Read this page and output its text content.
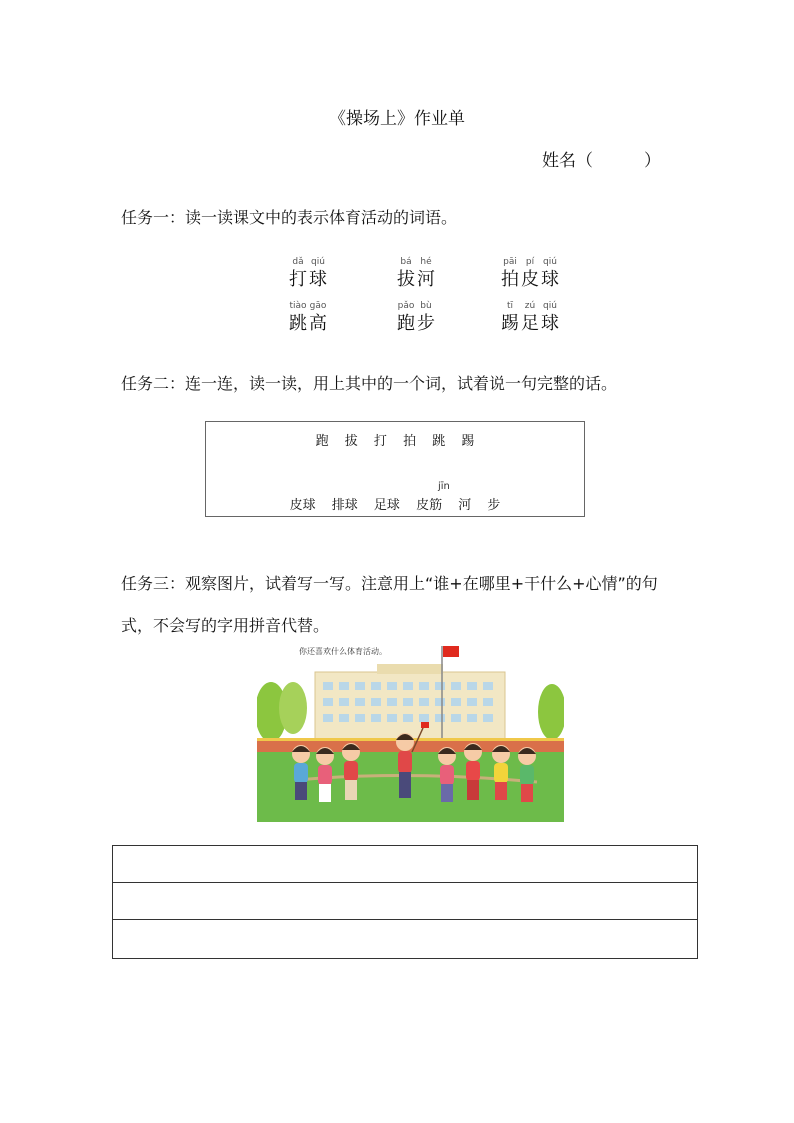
《操场上》作业单
姓名（　　　）
任务一：读一读课文中的表示体育活动的词语。
dǎ
打
qiú
球
bá
拔
hé
河
pāi
拍
pí
皮
qiú
球
tiào
跳
gāo
高
pǎo
跑
bù
步
tī
踢
zú
足
qiú
球
任务二：连一连，读一读，用上其中的一个词，试着说一句完整的话。
跑 拔 打 拍 跳 踢
jīn
皮球 排球 足球 皮筋 河 步
任务三：观察图片，试着写一写。注意用上“谁+在哪里+干什么+心情”的句式，不会写的字用拼音代替。
你还喜欢什么体育活动。
